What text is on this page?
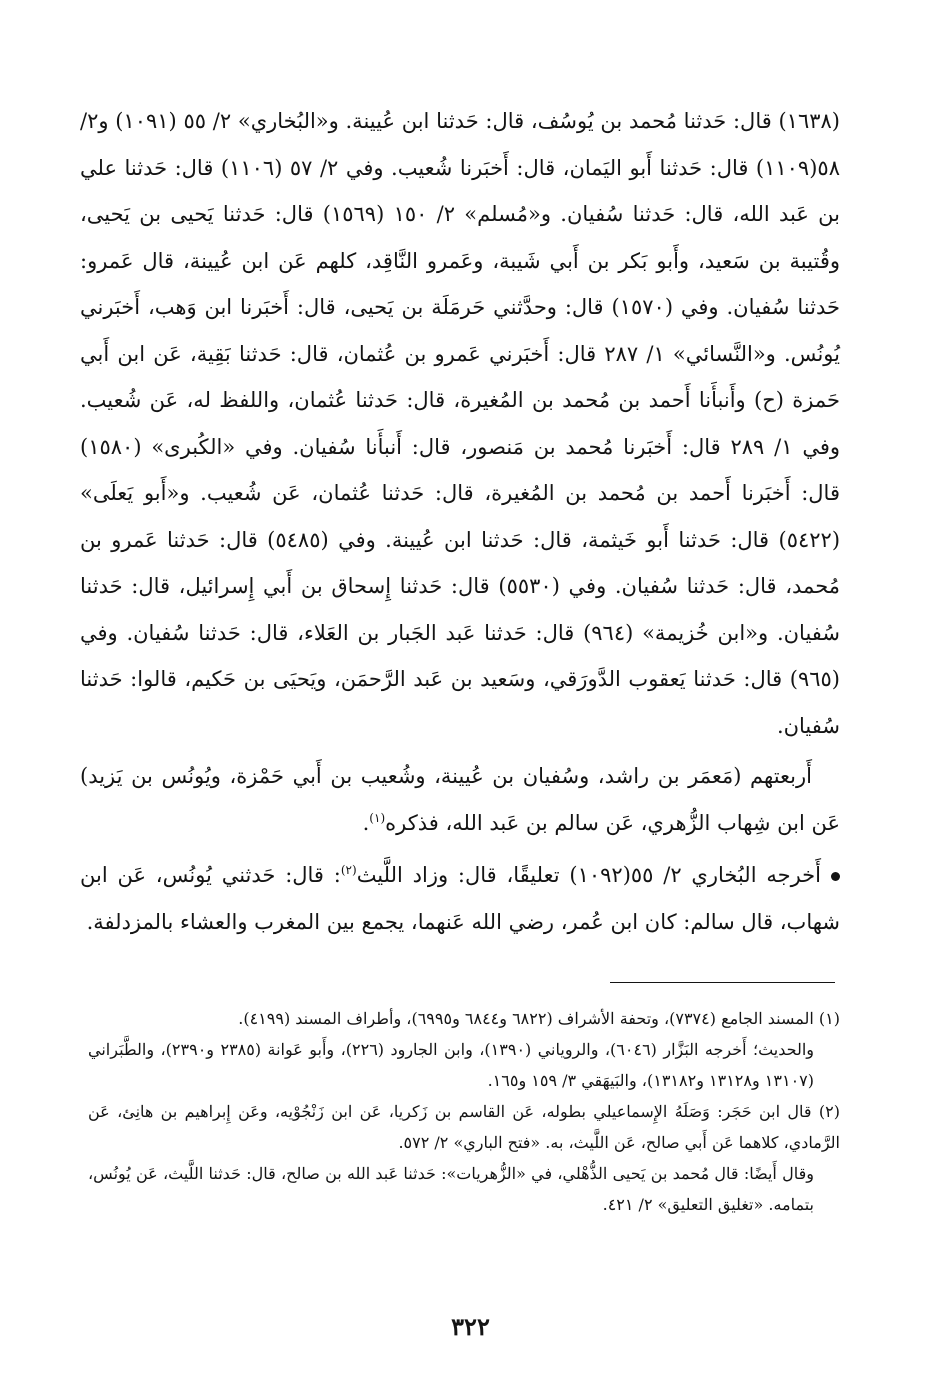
(١٦٣٨) قال: حَدثنا مُحمد بن يُوسُف، قال: حَدثنا ابن عُيينة. و«البُخاري» ٢/ ٥٥ (١٠٩١) و٢/ ٥٨(١١٠٩) قال: حَدثنا أَبو اليَمان، قال: أَخبَرنا شُعيب. وفي ٢/ ٥٧ (١١٠٦) قال: حَدثنا علي بن عَبد الله، قال: حَدثنا سُفيان. و«مُسلم» ٢/ ١٥٠ (١٥٦٩) قال: حَدثنا يَحيى بن يَحيى، وقُتيبة بن سَعيد، وأَبو بَكر بن أَبي شَيبة، وعَمرو النَّاقِد، كلهم عَن ابن عُيينة، قال عَمرو: حَدثنا سُفيان. وفي (١٥٧٠) قال: وحدَّثني حَرمَلَة بن يَحيى، قال: أَخبَرنا ابن وَهب، أَخبَرني يُونُس. و«النَّسائي» ١/ ٢٨٧ قال: أَخبَرني عَمرو بن عُثمان، قال: حَدثنا بَقِية، عَن ابن أَبي حَمزة (ح) وأَنبأَنا أَحمد بن مُحمد بن المُغيرة، قال: حَدثنا عُثمان، واللفظ له، عَن شُعيب. وفي ١/ ٢٨٩ قال: أَخبَرنا مُحمد بن مَنصور، قال: أَنبأَنا سُفيان. وفي «الكُبرى» (١٥٨٠) قال: أَخبَرنا أَحمد بن مُحمد بن المُغيرة، قال: حَدثنا عُثمان، عَن شُعيب. و«أَبو يَعلَى» (٥٤٢٢) قال: حَدثنا أَبو خَيثمة، قال: حَدثنا ابن عُيينة. وفي (٥٤٨٥) قال: حَدثنا عَمرو بن مُحمد، قال: حَدثنا سُفيان. وفي (٥٥٣٠) قال: حَدثنا إِسحاق بن أَبي إِسرائيل، قال: حَدثنا سُفيان. و«ابن خُزيمة» (٩٦٤) قال: حَدثنا عَبد الجَبار بن العَلاء، قال: حَدثنا سُفيان. وفي (٩٦٥) قال: حَدثنا يَعقوب الدَّورَقي، وسَعيد بن عَبد الرَّحمَن، ويَحيَى بن حَكيم، قالوا: حَدثنا سُفيان.

أَربعتهم (مَعمَر بن راشد، وسُفيان بن عُيينة، وشُعيب بن أَبي حَمْزة، ويُونُس بن يَزيد) عَن ابن شِهاب الزُّهري، عَن سالم بن عَبد الله، فذكره$^{(١)}$.

أَخرجه البُخاري ٢/ ٥٥(١٠٩٢) تعليقًا، قال: وزاد اللَّيث$^{(٢)}$: قال: حَدثني يُونُس، عَن ابن شهاب، قال سالم: كان ابن عُمر، رضي الله عَنهما، يجمع بين المغرب والعشاء بالمزدلفة.

(١) المسند الجامع (٧٣٧٤)، وتحفة الأشراف (٦٨٢٢ و٦٨٤٤ و٦٩٩٥)، وأطراف المسند (٤١٩٩).

والحديث؛ أَخرجه البَزَّار (٦٠٤٦)، والروياني (١٣٩٠)، وابن الجارود (٢٢٦)، وأَبو عَوانة (٢٣٨٥ و٢٣٩٠)، والطَّبَراني (١٣١٠٧ و١٣١٢٨ و١٣١٨٢)، والبَيهَقي ٣/ ١٥٩ و١٦٥.

(٢) قال ابن حَجَر: وَصَلَهُ الإِسماعيلي بطوله، عَن القاسم بن زَكريا، عَن ابن زَنْجُوْيه، وعَن إِبراهيم بن هانِئ، عَن الرَّمادي، كلاهما عَن أَبي صالح، عَن اللَّيث، به. «فتح الباري» ٢/ ٥٧٢.

وقال أَيضًا: قال مُحمد بن يَحيى الذُّهْلي، في «الزُّهريات»: حَدثنا عَبد الله بن صالح، قال: حَدثنا اللَّيث، عَن يُونُس، بتمامه. «تغليق التعليق» ٢/ ٤٢١.

٣٢٢
